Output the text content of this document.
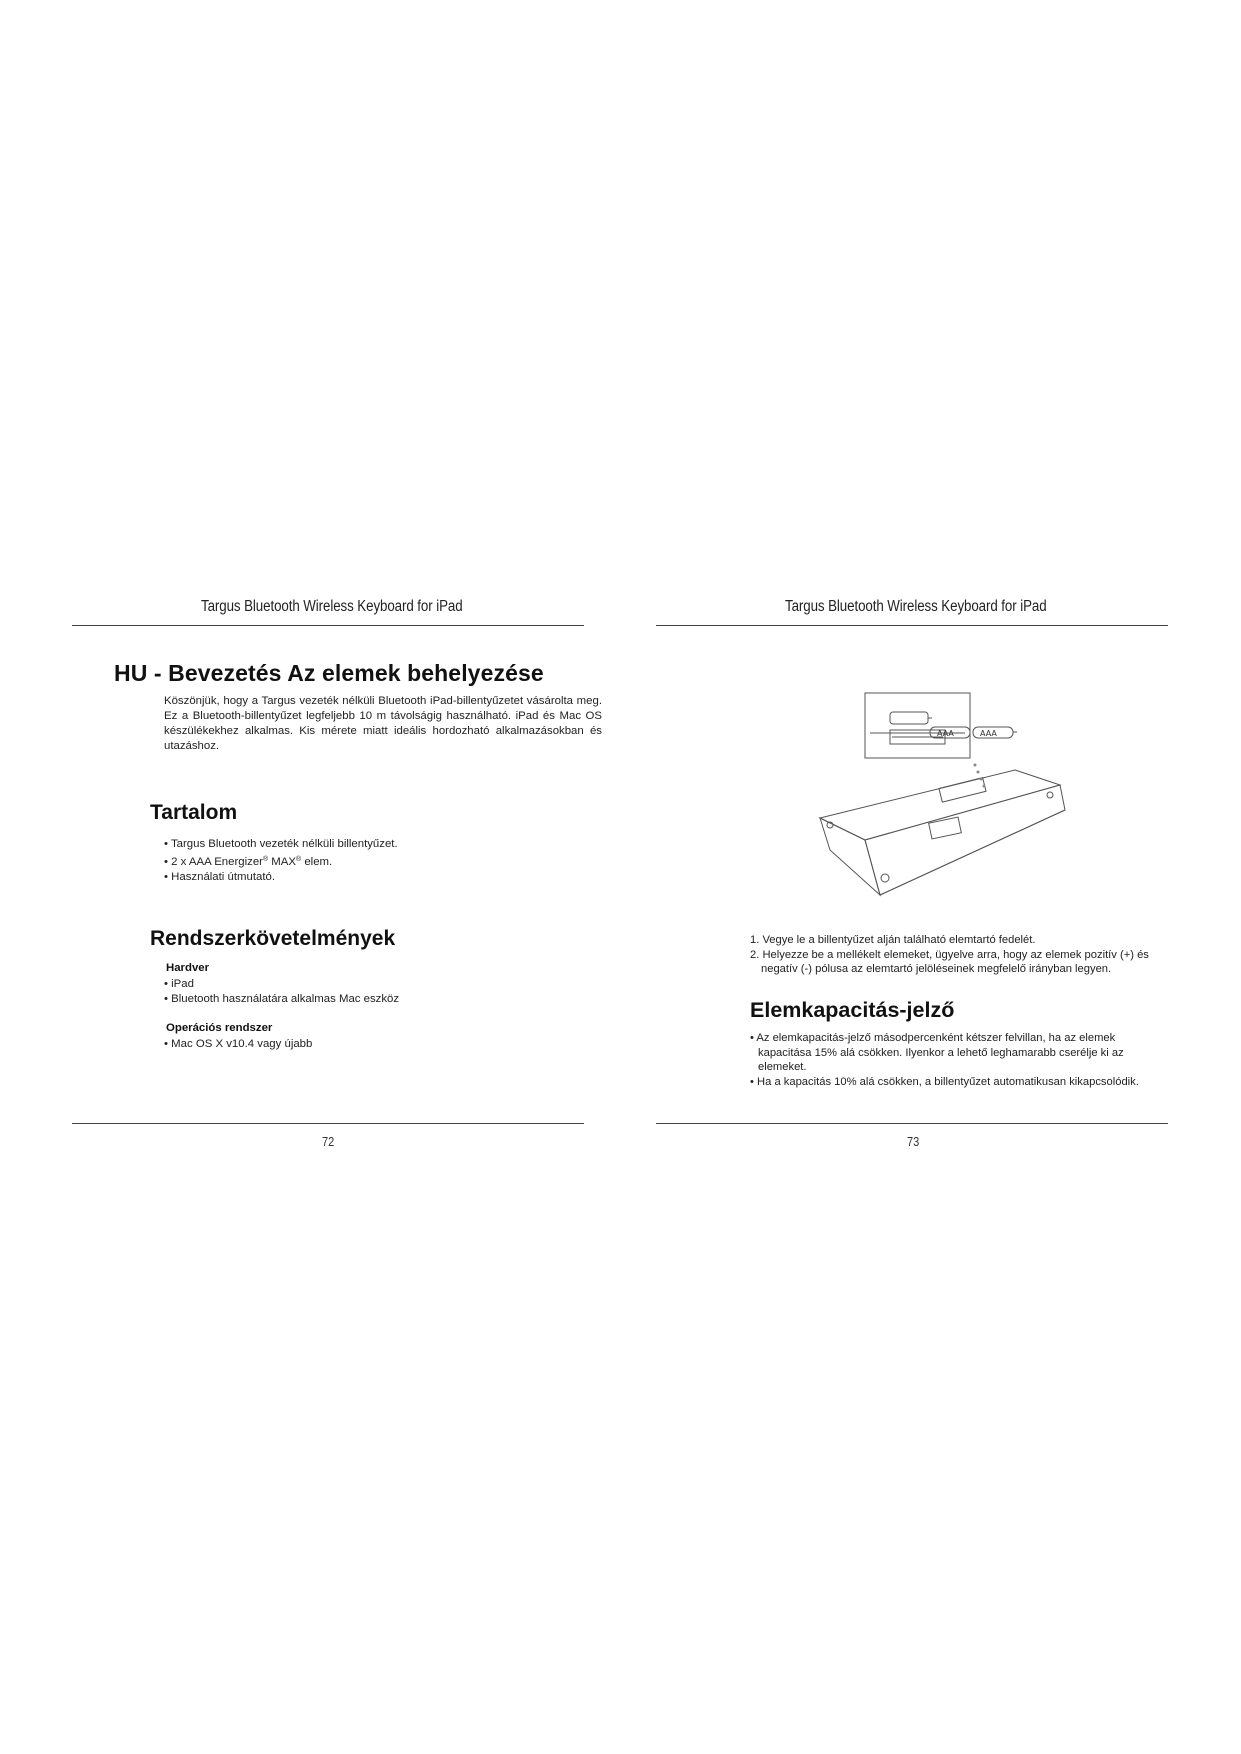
Targus Bluetooth Wireless Keyboard for iPad
HU - Bevezetés Az elemek behelyezése

Köszönjük, hogy a Targus vezeték nélküli Bluetooth iPad-billentyűzetet vásárolta meg. Ez a Bluetooth-billentyűzet legfeljebb 10 m távolságig használható. iPad és Mac OS készülékekhez alkalmas. Kis mérete miatt ideális hordozható alkalmazásokban és utazáshoz.

Tartalom
• Targus Bluetooth vezeték nélküli billentyűzet.
• 2 x AAA Energizer® MAX® elem.
• Használati útmutató.
Rendszerkövetelmények
Hardver
• iPad
• Bluetooth használatára alkalmas Mac eszköz
Operációs rendszer
• Mac OS X v10.4 vagy újabb
72
Targus Bluetooth Wireless Keyboard for iPad
AAA	AAA
1. Vegye le a billentyűzet alján található elemtartó fedelét.
2. Helyezze be a mellékelt elemeket, ügyelve arra, hogy az elemek pozitív (+) és negatív (-) pólusa az elemtartó jelöléseinek megfelelő irányban legyen.
Elemkapacitás-jelző
• Az elemkapacitás-jelző másodpercenként kétszer felvillan, ha az elemek kapacitása 15% alá csökken. Ilyenkor a lehető leghamarabb cserélje ki az elemeket.
• Ha a kapacitás 10% alá csökken, a billentyűzet automatikusan kikapcsolódik.
73
